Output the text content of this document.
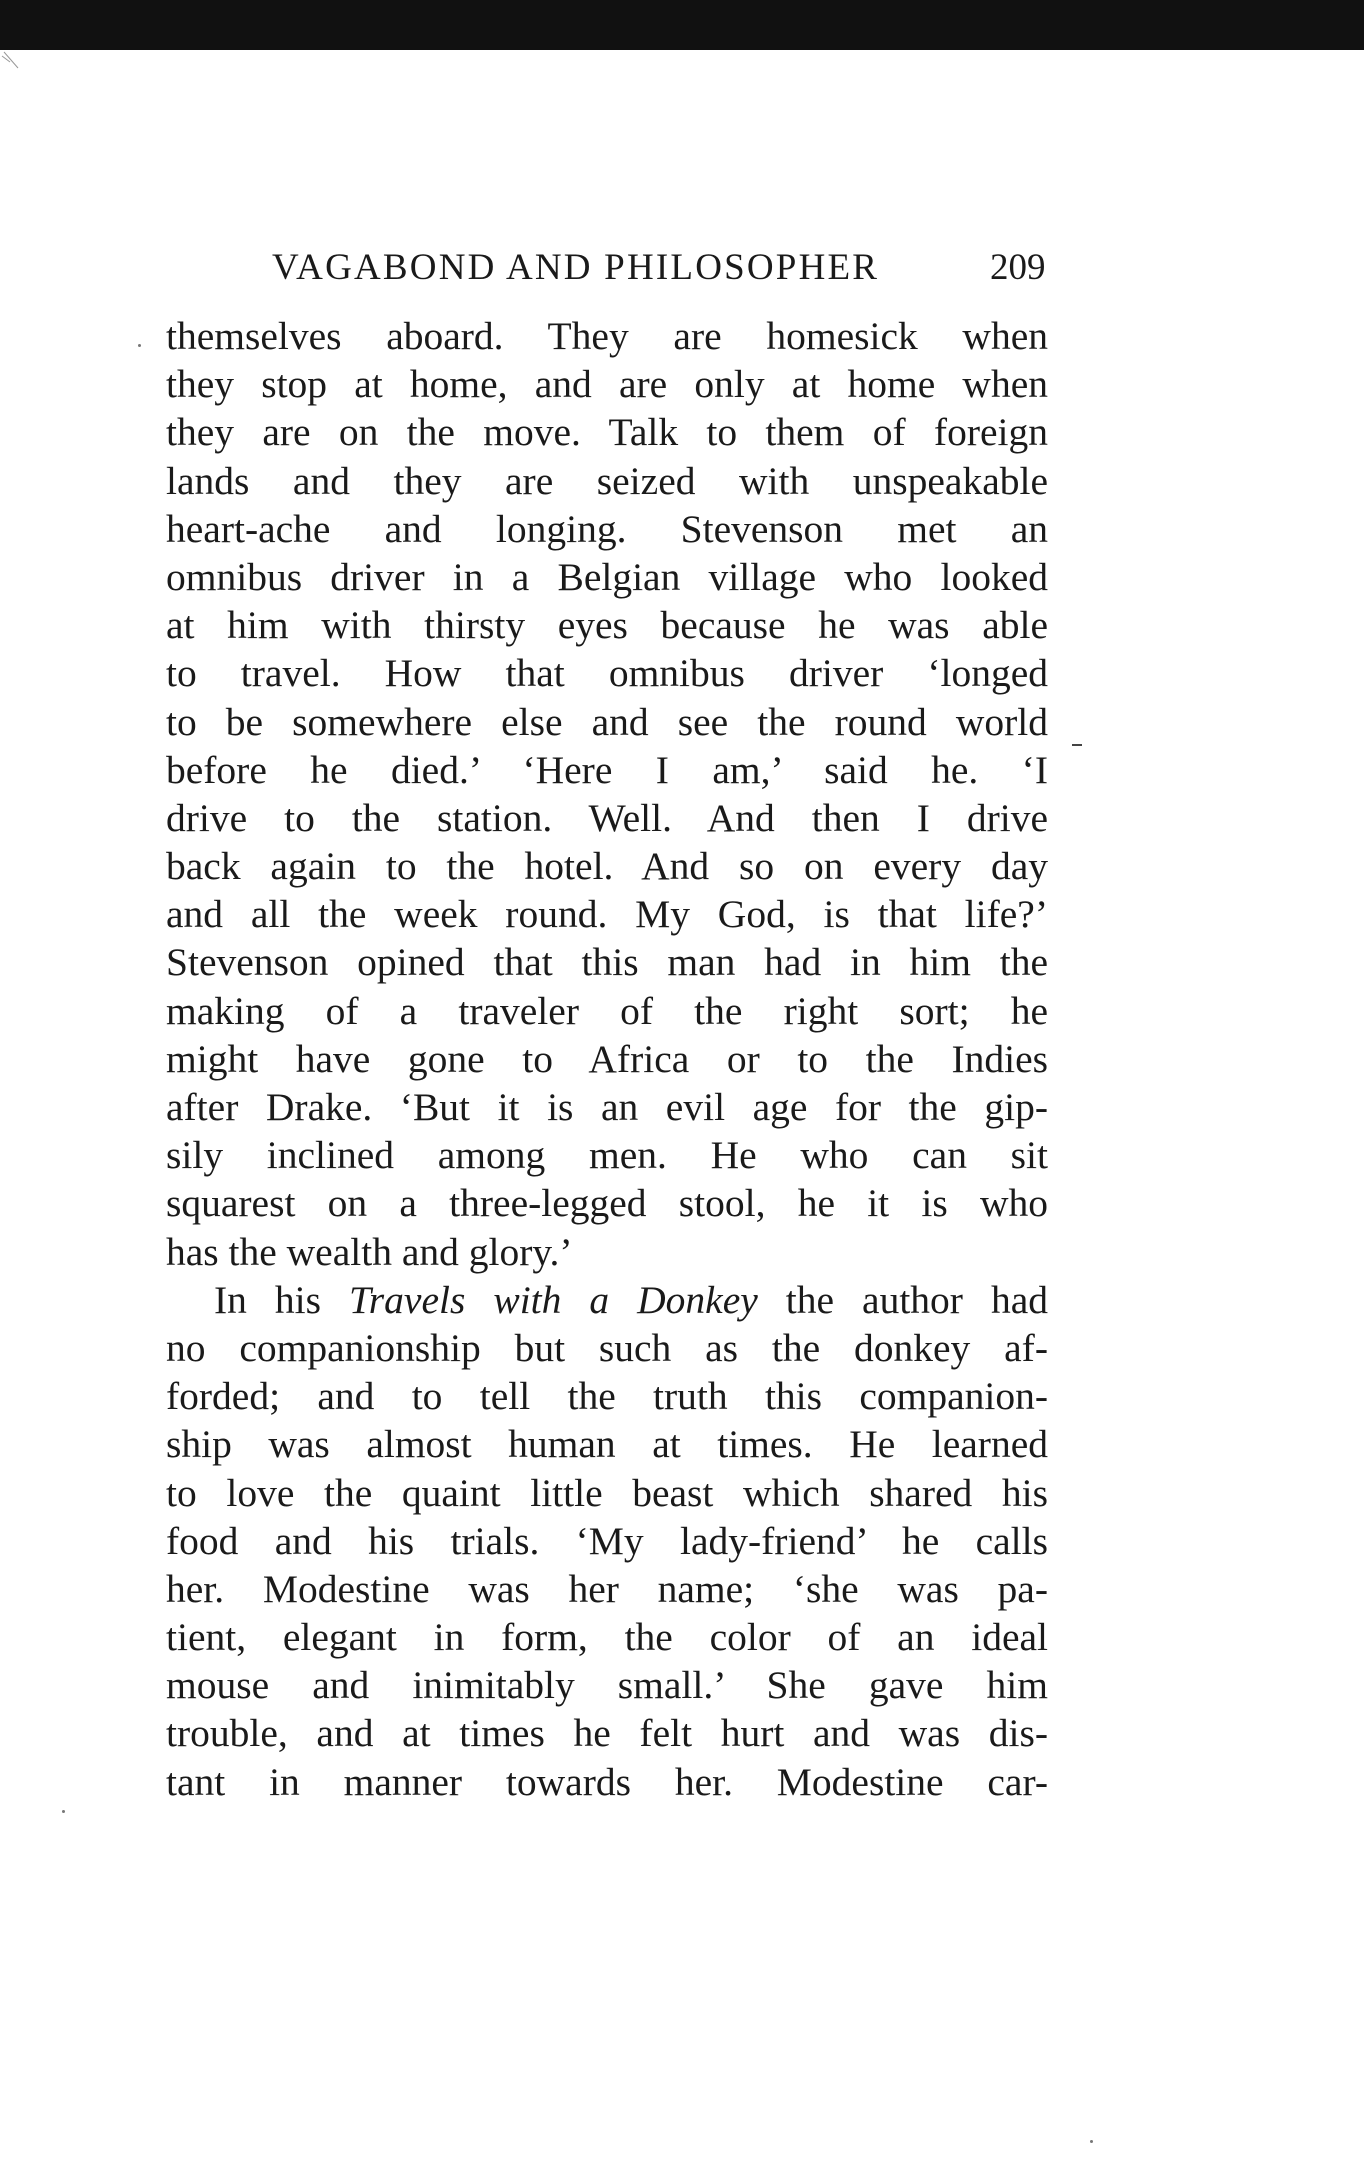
VAGABOND AND PHILOSOPHER	209
themselves aboard. They are homesick when
they stop at home, and are only at home when
they are on the move. Talk to them of foreign
lands and they are seized with unspeakable
heart-ache and longing. Stevenson met an
omnibus driver in a Belgian village who looked
at him with thirsty eyes because he was able
to travel. How that omnibus driver ‘longed
to be somewhere else and see the round world
before he died.’ ‘Here I am,’ said he. ‘I
drive to the station. Well. And then I drive
back again to the hotel. And so on every day
and all the week round. My God, is that life?’
Stevenson opined that this man had in him the
making of a traveler of the right sort; he
might have gone to Africa or to the Indies
after Drake. ‘But it is an evil age for the gip-
sily inclined among men. He who can sit
squarest on a three-legged stool, he it is who
has the wealth and glory.’
In his Travels with a Donkey the author had
no companionship but such as the donkey af-
forded; and to tell the truth this companion-
ship was almost human at times. He learned
to love the quaint little beast which shared his
food and his trials. ‘My lady-friend’ he calls
her. Modestine was her name; ‘she was pa-
tient, elegant in form, the color of an ideal
mouse and inimitably small.’ She gave him
trouble, and at times he felt hurt and was dis-
tant in manner towards her. Modestine car-
